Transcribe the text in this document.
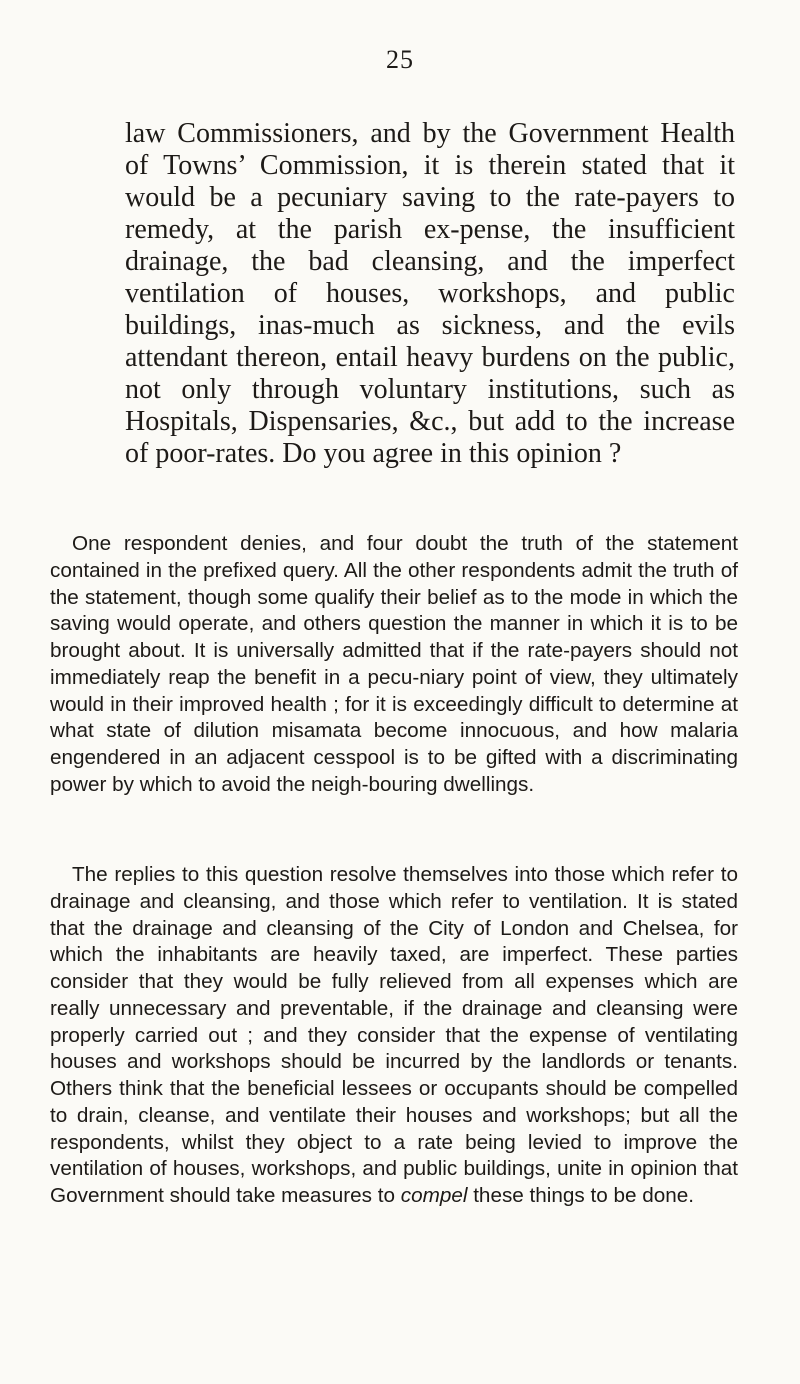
25

law Commissioners, and by the Government Health of Towns’ Commission, it is therein stated that it would be a pecuniary saving to the rate-payers to remedy, at the parish ex-pense, the insufficient drainage, the bad cleansing, and the imperfect ventilation of houses, workshops, and public buildings, inas-much as sickness, and the evils attendant thereon, entail heavy burdens on the public, not only through voluntary institutions, such as Hospitals, Dispensaries, &c., but add to the increase of poor-rates. Do you agree in this opinion ?

One respondent denies, and four doubt the truth of the statement contained in the prefixed query. All the other respondents admit the truth of the statement, though some qualify their belief as to the mode in which the saving would operate, and others question the manner in which it is to be brought about. It is universally admitted that if the rate-payers should not immediately reap the benefit in a pecu-niary point of view, they ultimately would in their improved health ; for it is exceedingly difficult to determine at what state of dilution misamata become innocuous, and how malaria engendered in an adjacent cesspool is to be gifted with a discriminating power by which to avoid the neigh-bouring dwellings.

The replies to this question resolve themselves into those which refer to drainage and cleansing, and those which refer to ventilation. It is stated that the drainage and cleansing of the City of London and Chelsea, for which the inhabitants are heavily taxed, are imperfect. These parties consider that they would be fully relieved from all expenses which are really unnecessary and preventable, if the drainage and cleansing were properly carried out ; and they consider that the expense of ventilating houses and workshops should be incurred by the landlords or tenants. Others think that the beneficial lessees or occupants should be compelled to drain, cleanse, and ventilate their houses and workshops; but all the respondents, whilst they object to a rate being levied to improve the ventilation of houses, workshops, and public buildings, unite in opinion that Government should take measures to compel these things to be done.
